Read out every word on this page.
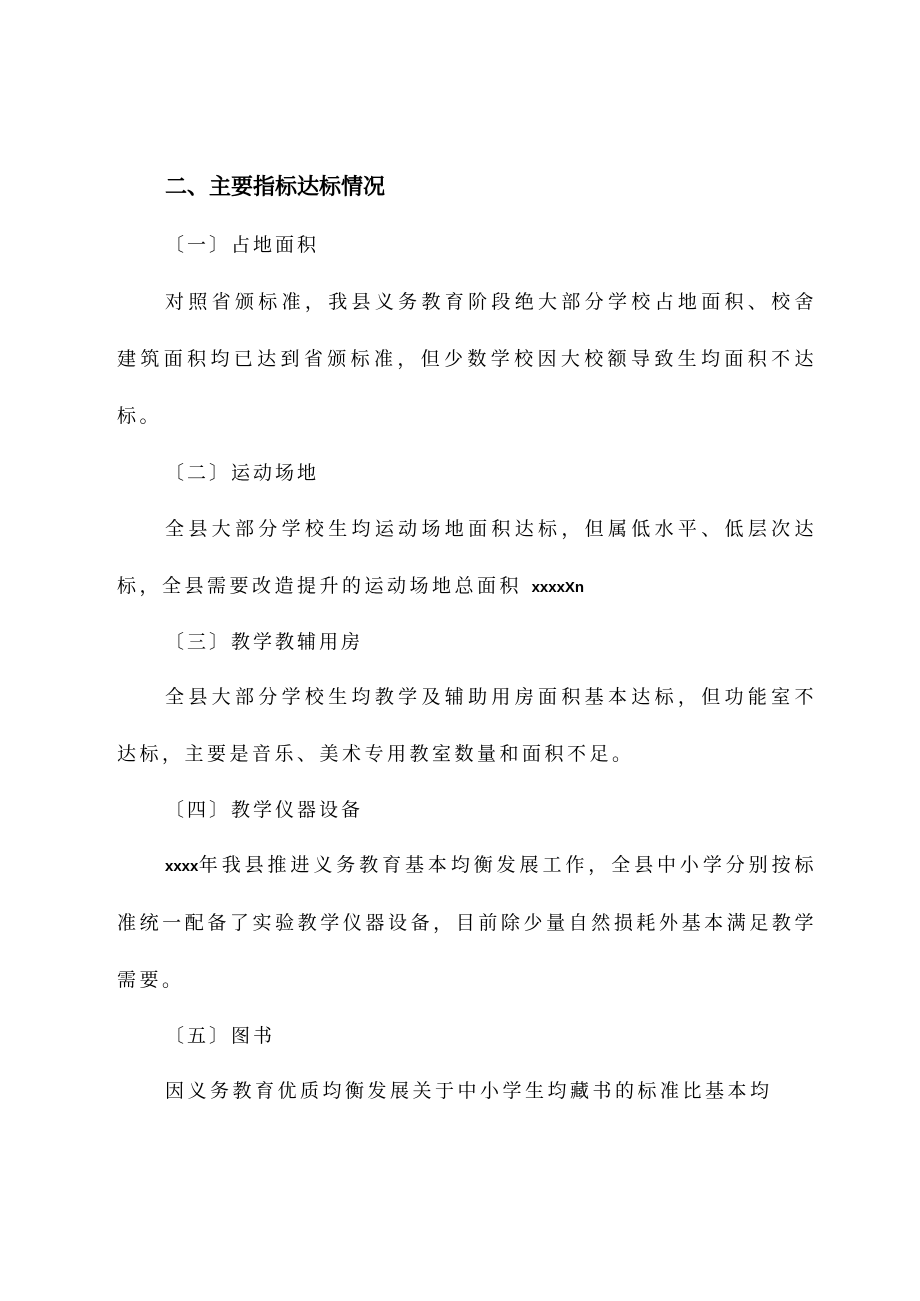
二、主要指标达标情况
〔一〕占地面积

对照省颁标准，我县义务教育阶段绝大部分学校占地面积、校舍建筑面积均已达到省颁标准，但少数学校因大校额导致生均面积不达标。

〔二〕运动场地

全县大部分学校生均运动场地面积达标，但属低水平、低层次达标，全县需要改造提升的运动场地总面积 xxxxXn

〔三〕教学教辅用房

全县大部分学校生均教学及辅助用房面积基本达标，但功能室不达标，主要是音乐、美术专用教室数量和面积不足。

〔四〕教学仪器设备

xxxx年我县推进义务教育基本均衡发展工作，全县中小学分别按标准统一配备了实验教学仪器设备，目前除少量自然损耗外基本满足教学需要。

〔五〕图书

因义务教育优质均衡发展关于中小学生均藏书的标准比基本均
